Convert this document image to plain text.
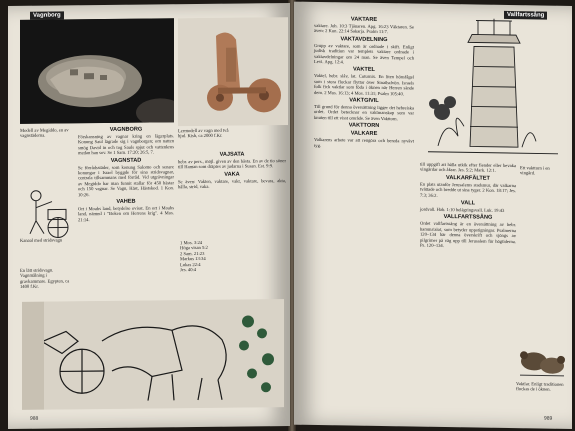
Vagnborg
Modell av Megiddo, en av vagnstäderna.
VAGNBORG
Förskansning av vagnar kring en lägerplats. Konung Saul lägrade sig i vagnborgen; om natten smög David in och tog Sauls spjut och vattenkrus medan han sov. Se 1 Sam. 17:20; 26:5, 7.
VAGNSTAD
Se förrådsstäder, som konung Salomo och senare konungar i Israel byggde för sina stridsvagnar, centrala tillsammans med förråd. Vid utgrävningar av Megiddo har man funnit stallar för 450 hästar och 150 vagnar. Se Vagn, Häst, Hästskod. 1 Kon. 10:26.
VAHEB
Ort i Moabs land, betydelse ovisst. En ort i Moabs land, nämnd i "Boken om Herrens krig". 4 Mos. 21:14.
Kanaal med stridsvagn
En lätt stridsvagn. Vagnmålning i gravkammare. Egypten, ca 1400 f.Kr.
Lermodell av vagn med två hjul. Kish, ca 2000 f.Kr.
VAJSATA
hebr. av pers., möjl. given av den bästa. En av de tio söner till Haman som dräptes av judarna i Susan. Est. 9:9.
VAKA
Se även: Vakten, vaktare, vakt, vaktare, bevara, akta, hålla, strid, vaka.
1 Mos. 3:24
Höga visan 5:2
2 Sam. 21:23
Markus 13:34
Lukas 22:4
Jes. 40:4
988
Vallfartssång
VAKTARE
vaktare. Joh. 10:3 Tjänaren. Apg. 16:23 Väktaren. Se även: 2 Kon. 22:14 Sakarja. Psalm 11:7.
VAKTAVDELNING
Grupp av vaktare, som är ordnade i skift. Enligt judisk tradition var templets vaktare ordnade i vaktavdelningar om 24 man. Se även Tempel och Levi. Apg. 12:4.
VAKTEL
Vaktel, hebr. slåv, lat. Coturnix. En liten hönsfågel som i stora flockar flyttar över Sinaihalvön. Israels folk fick vaktlar som föda i öknen när Herren sände dem. 2 Mos. 16:13; 4 Mos. 11:31; Psalm 105:40.
VAKTGIVIL
Till grund för denna översättning ligger det hebreiska ordet. Ordet betecknar en vaktmanskap som var knuten till ett visst område. Se även Vakttorn.
VAKTTORN
VALKARE
Valkarens arbete var att rengöra och bereda nyvävt tyg.
Ett vakttorn i en vingård.
till uppgift att hålla utkik efter fiender eller bevaka vingårdar och åkrar. Jes. 5:2; Mark. 12:1.
VALKARFÄLTET
En plats utanför Jerusalems stadsmur, där valkarna tvättade och bredde ut sina tyger. 2 Kon. 18:17; Jes. 7:3; 36:2.
VALL
jordvall. Hab. 1:10 belägringsvall. Luk. 19:43
VALLFARTSSÅNG
Ordet vallfartssång är en översättning av hebr. hamma'alot, som betyder uppstigningar. Psalmerna 120–134 bär denna överskrift och sjöngs av pilgrimer på väg upp till Jerusalem för högtiderna. Ps. 120–134.
Vaktlar. Enligt traditionen flockas de i öknen.
989
